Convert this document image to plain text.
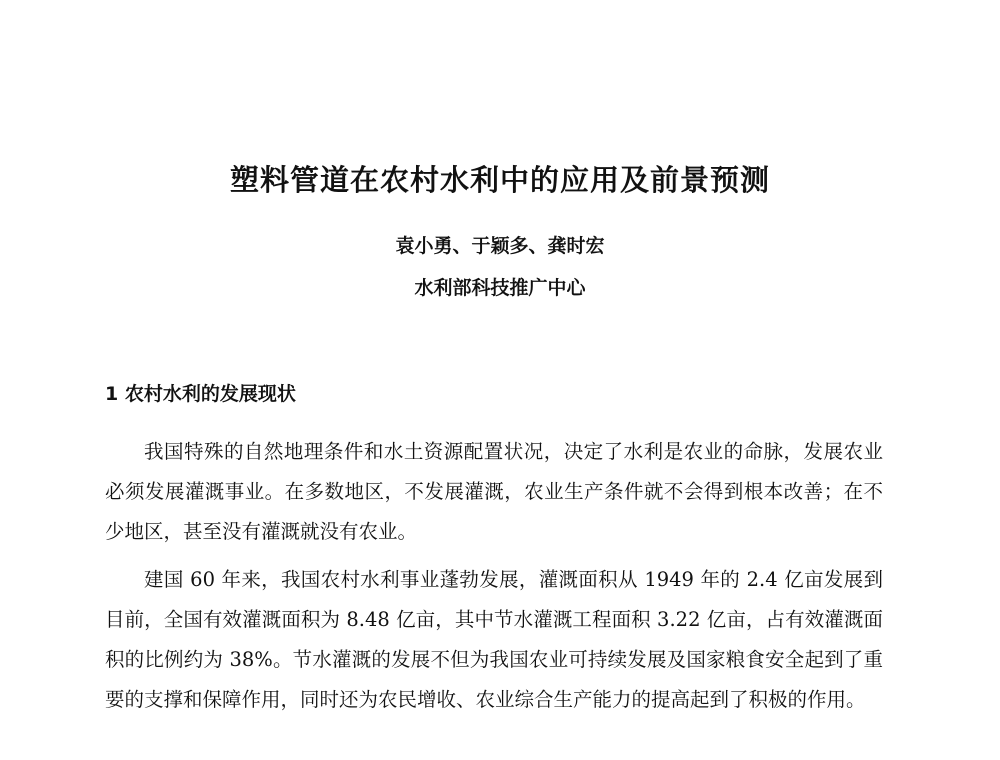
塑料管道在农村水利中的应用及前景预测
袁小勇、于颖多、龚时宏
水利部科技推广中心
1 农村水利的发展现状

我国特殊的自然地理条件和水土资源配置状况，决定了水利是农业的命脉，发展农业必须发展灌溉事业。在多数地区，不发展灌溉，农业生产条件就不会得到根本改善；在不少地区，甚至没有灌溉就没有农业。

建国 60 年来，我国农村水利事业蓬勃发展，灌溉面积从 1949 年的 2.4 亿亩发展到目前，全国有效灌溉面积为 8.48 亿亩，其中节水灌溉工程面积 3.22 亿亩，占有效灌溉面积的比例约为 38%。节水灌溉的发展不但为我国农业可持续发展及国家粮食安全起到了重要的支撑和保障作用，同时还为农民增收、农业综合生产能力的提高起到了积极的作用。
